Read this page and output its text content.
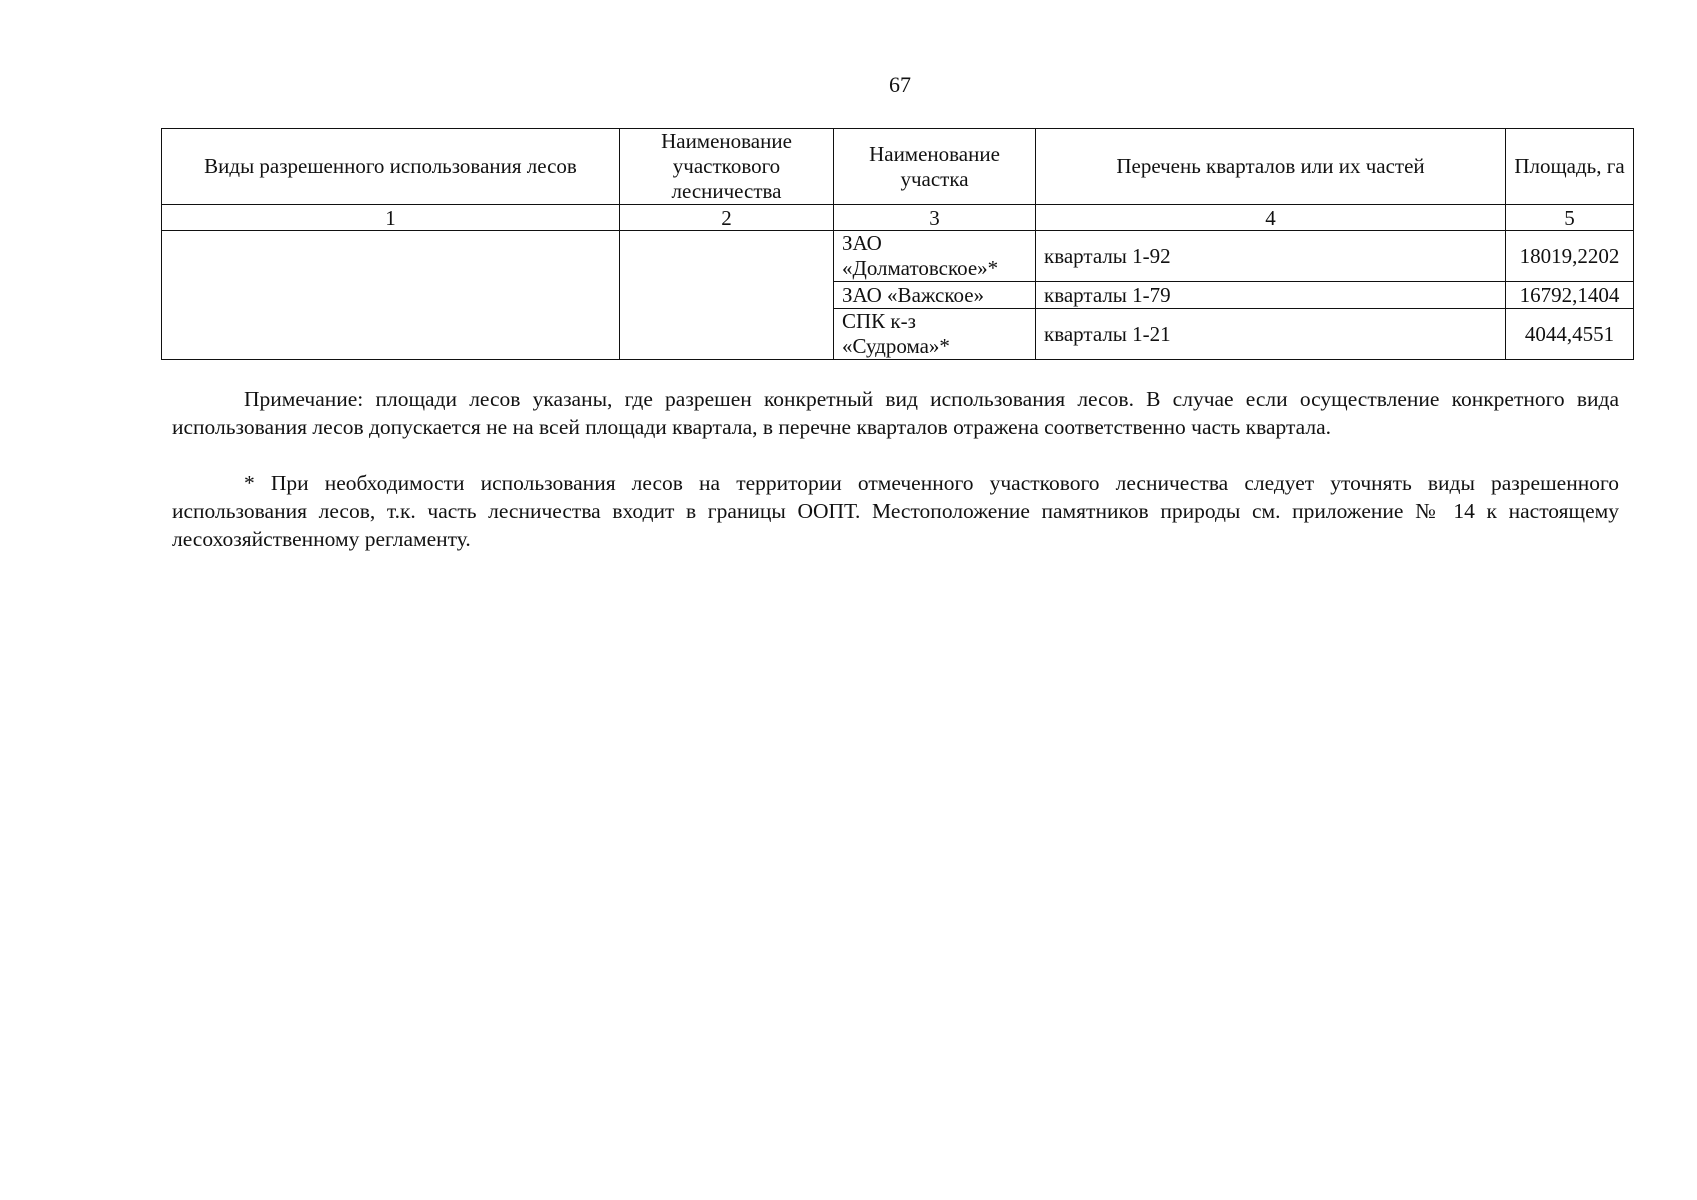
67
Виды разрешенного использования лесов	Наименование участкового лесничества	Наименование участка	Перечень кварталов или их частей	Площадь, га
1	2	3	4	5
		ЗАО «Долматовское»*	кварталы 1-92	18019,2202
		ЗАО «Важское»	кварталы 1-79	16792,1404
		СПК к-з «Судрома»*	кварталы 1-21	4044,4551

Примечание: площади лесов указаны, где разрешен конкретный вид использования лесов. В случае если осуществление конкретного вида использования лесов допускается не на всей площади квартала, в перечне кварталов отражена соответственно часть квартала.

* При необходимости использования лесов на территории отмеченного участкового лесничества следует уточнять виды разрешенного использования лесов, т.к. часть лесничества входит в границы ООПТ. Местоположение памятников природы см. приложение № 14 к настоящему лесохозяйственному регламенту.
